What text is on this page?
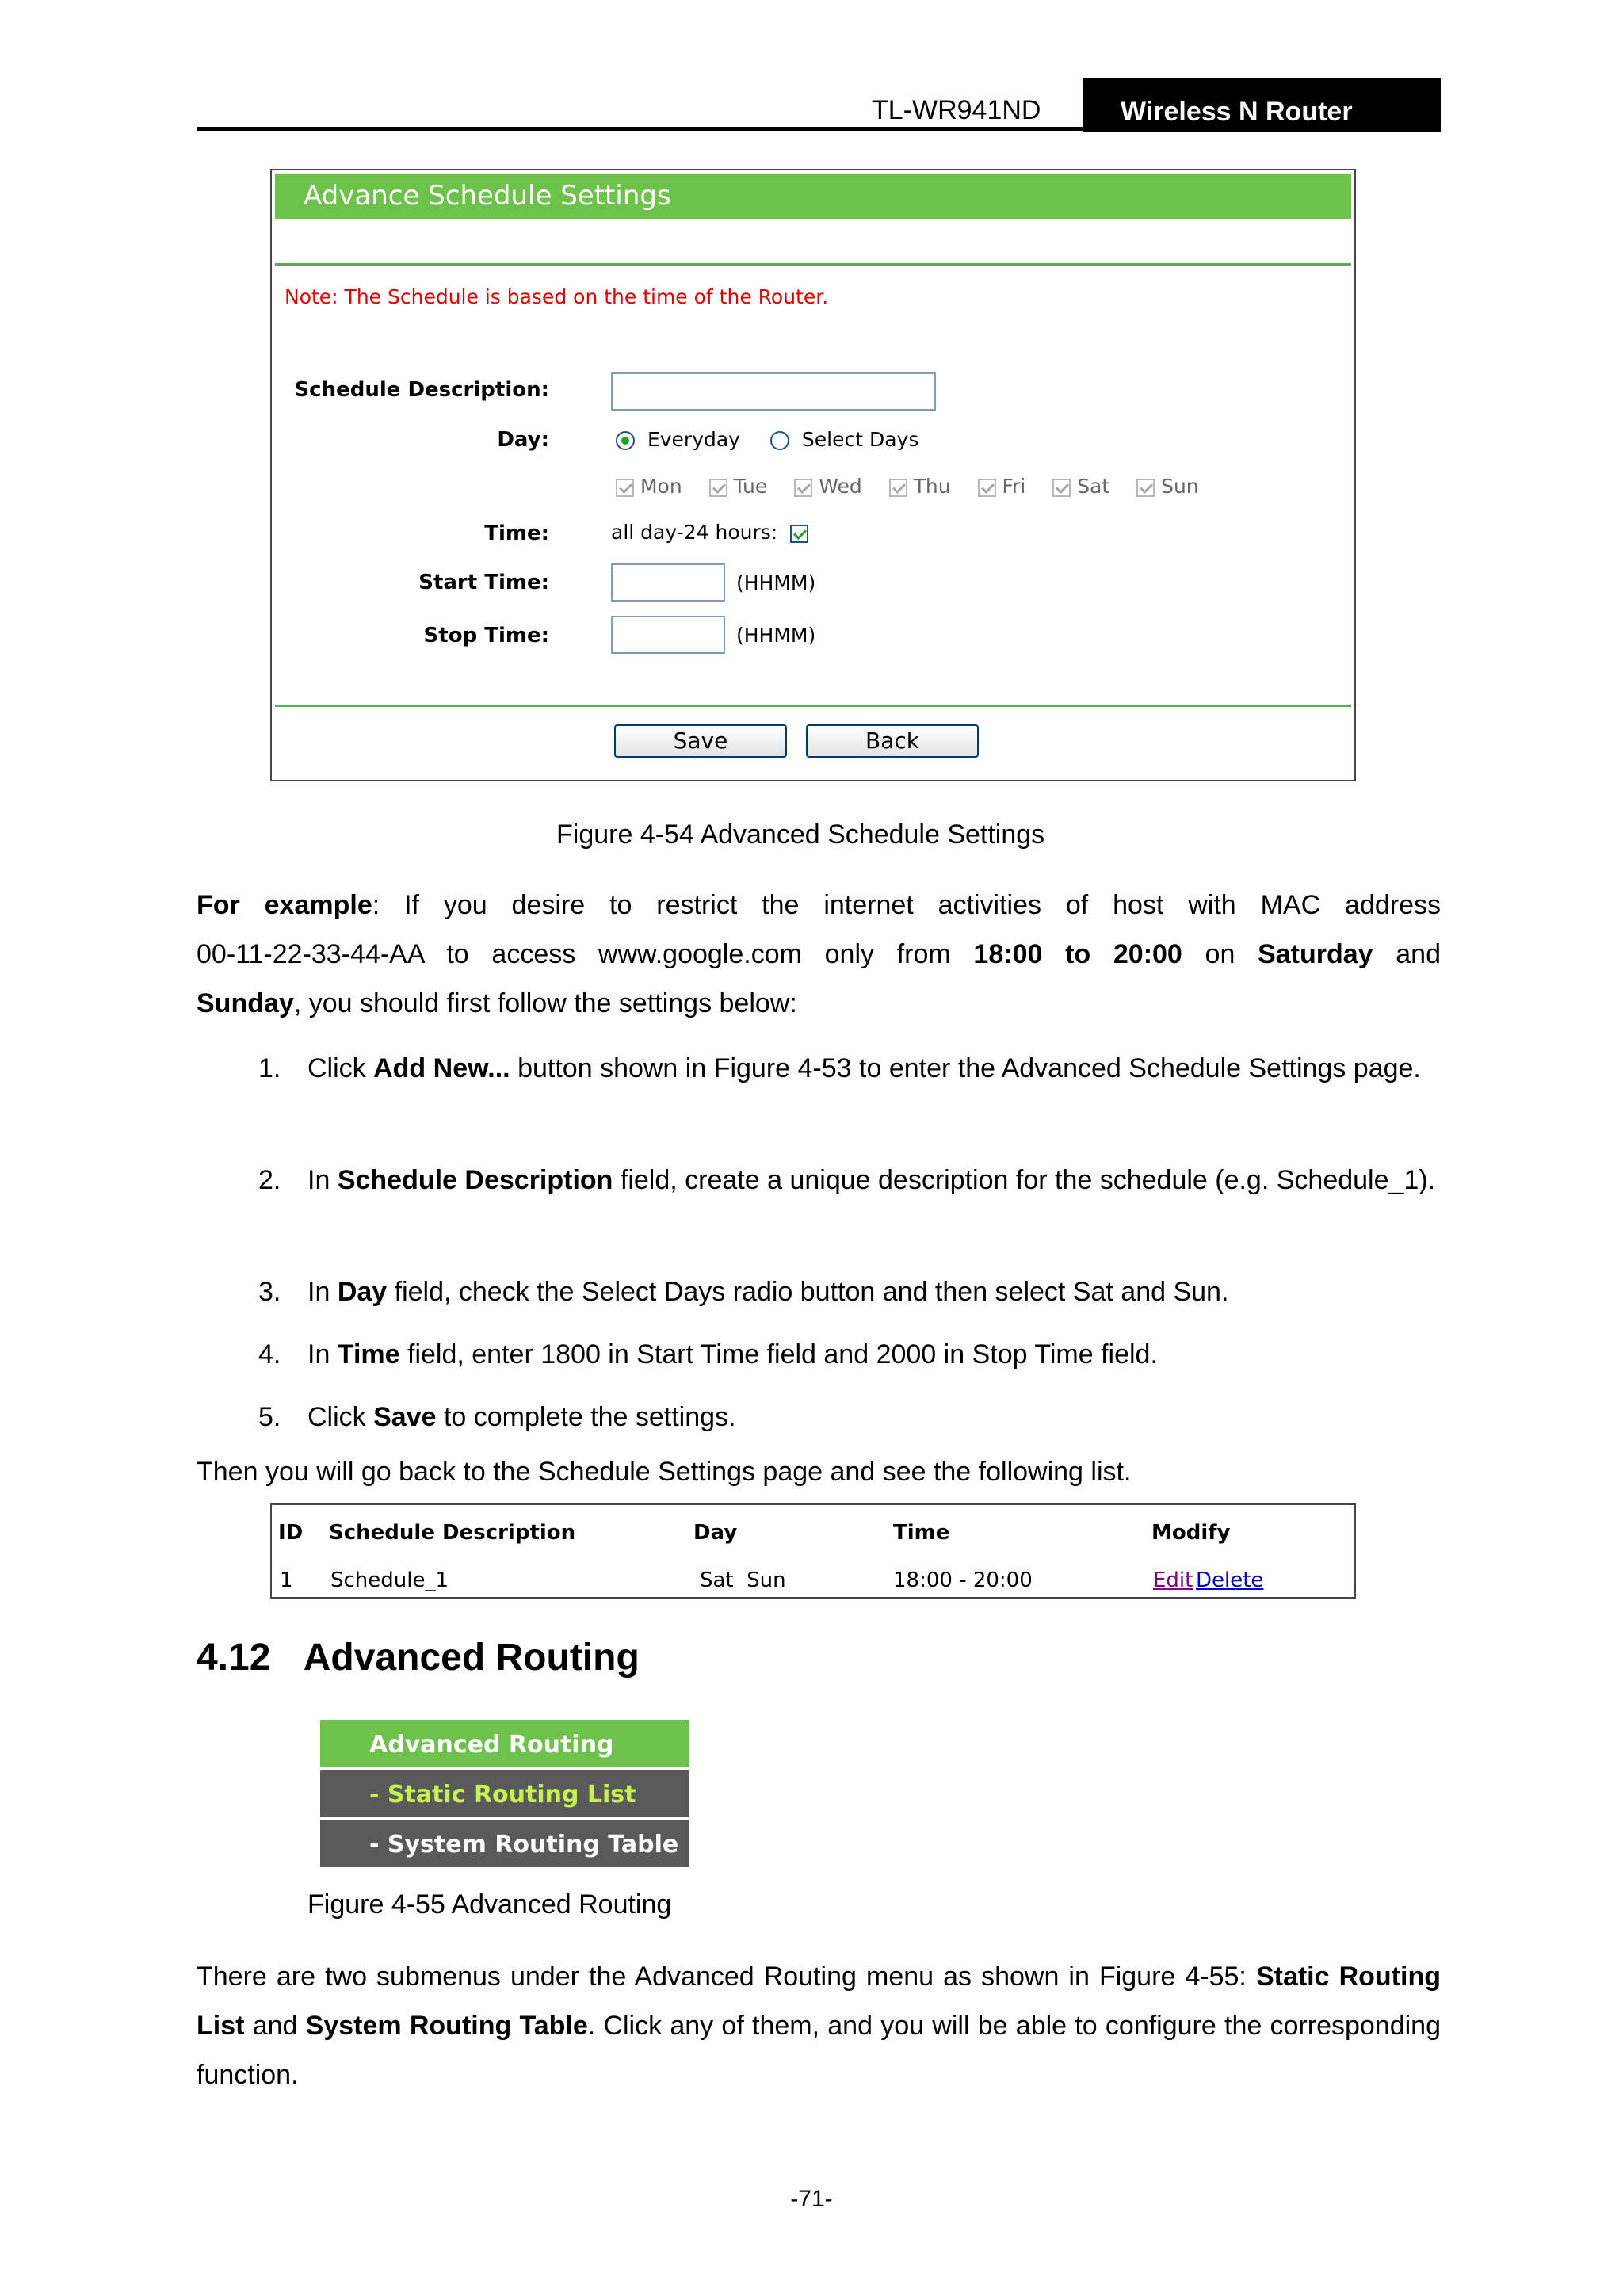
TL-WR941ND	Wireless N Router
Advance Schedule Settings
Note: The Schedule is based on the time of the Router.
Schedule Description:
Day:	Everyday	Select Days
Mon	Tue	Wed	Thu	Fri	Sat	Sun
Time:	all day-24 hours:
Start Time:	(HHMM)
Stop Time:	(HHMM)
Save	Back
Figure 4-54 Advanced Schedule Settings
For example: If you desire to restrict the internet activities of host with MAC address
00-11-22-33-44-AA to access www.google.com only from 18:00 to 20:00 on Saturday and
Sunday, you should first follow the settings below:
1. Click Add New... button shown in Figure 4-53 to enter the Advanced Schedule Settings page.
2. In Schedule Description field, create a unique description for the schedule (e.g. Schedule_1).
3. In Day field, check the Select Days radio button and then select Sat and Sun.
4. In Time field, enter 1800 in Start Time field and 2000 in Stop Time field.
5. Click Save to complete the settings.
Then you will go back to the Schedule Settings page and see the following list.
ID Schedule Description	Day	Time	Modify
1 Schedule_1	Sat  Sun	18:00 - 20:00	Edit Delete
4.12 Advanced Routing
Advanced Routing
- Static Routing List
- System Routing Table
Figure 4-55 Advanced Routing
There are two submenus under the Advanced Routing menu as shown in Figure 4-55: Static Routing List and System Routing Table. Click any of them, and you will be able to configure the corresponding function.
-71-
